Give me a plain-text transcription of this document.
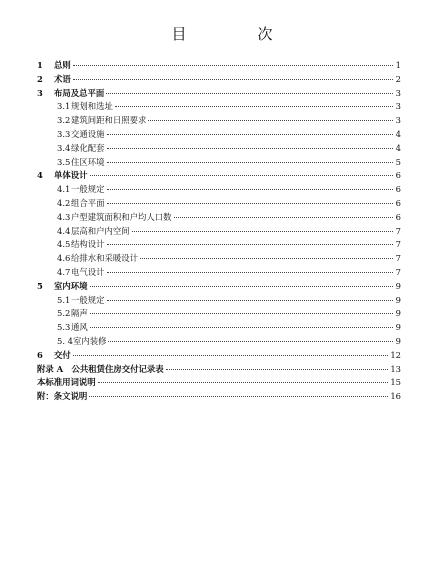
目　次
1	总则	1
2	术语	2
3	布局及总平面	3
3.1 规划和选址	3
3.2 建筑间距和日照要求	3
3.3 交通设施	4
3.4 绿化配套	4
3.5 住区环境	5
4	单体设计	6
4.1 一般规定	6
4.2 组合平面	6
4.3 户型建筑面积和户均人口数	6
4.4 层高和户内空间	7
4.5 结构设计	7
4.6 给排水和采暖设计	7
4.7 电气设计	7
5	室内环境	9
5.1 一般规定	9
5.2 隔声	9
5.3 通风	9
5. 4 室内装修	9
6	交付	12
附录 A　公共租赁住房交付记录表	13
本标准用词说明	15
附：条文说明	16
